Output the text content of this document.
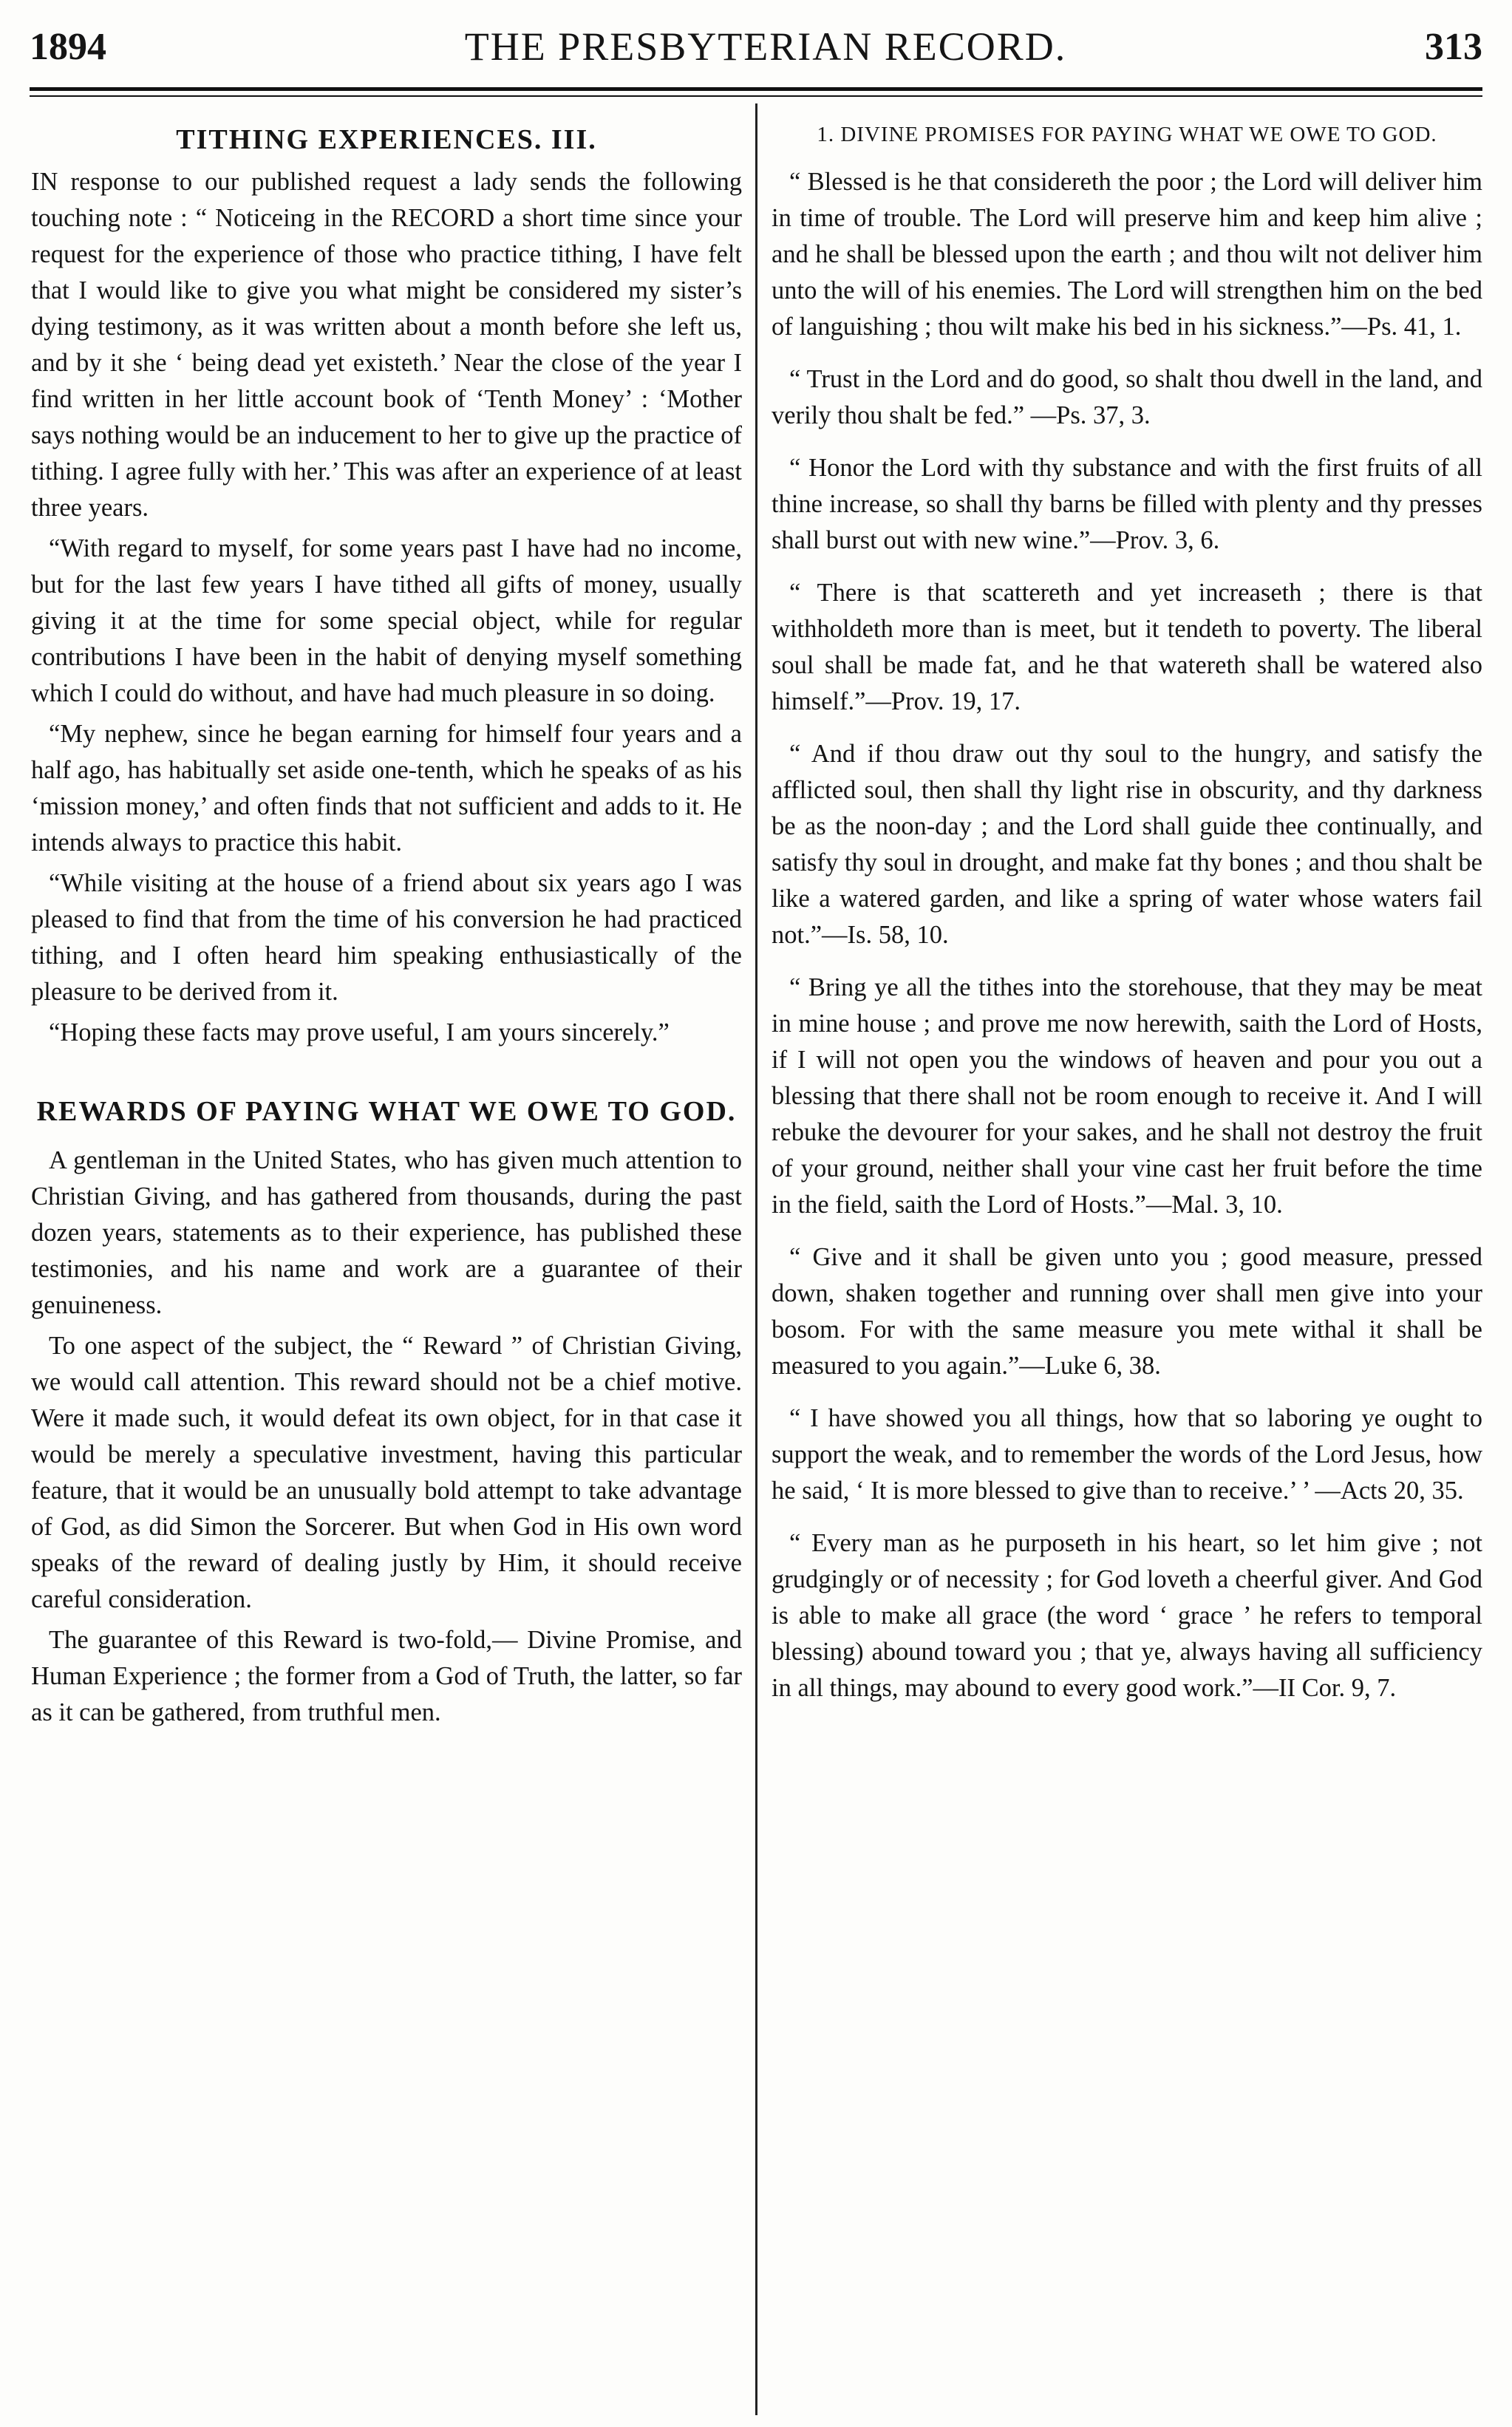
1894	THE PRESBYTERIAN RECORD.	313
TITHING EXPERIENCES. III.

IN response to our published request a lady sends the following touching note : “ Noticeing in the RECORD a short time since your request for the experience of those who practice tithing, I have felt that I would like to give you what might be considered my sister’s dying testimony, as it was written about a month before she left us, and by it she ‘ being dead yet existeth.’ Near the close of the year I find written in her little account book of ‘Tenth Money’ : ‘Mother says nothing would be an inducement to her to give up the practice of tithing. I agree fully with her.’ This was after an experience of at least three years.

“With regard to myself, for some years past I have had no income, but for the last few years I have tithed all gifts of money, usually giving it at the time for some special object, while for regular contributions I have been in the habit of denying myself something which I could do without, and have had much pleasure in so doing.

“My nephew, since he began earning for himself four years and a half ago, has habitually set aside one-tenth, which he speaks of as his ‘mission money,’ and often finds that not sufficient and adds to it. He intends always to practice this habit.

“While visiting at the house of a friend about six years ago I was pleased to find that from the time of his conversion he had practiced tithing, and I often heard him speaking enthusiastically of the pleasure to be derived from it.

“Hoping these facts may prove useful, I am yours sincerely.”

REWARDS OF PAYING WHAT WE OWE TO GOD.

A gentleman in the United States, who has given much attention to Christian Giving, and has gathered from thousands, during the past dozen years, statements as to their experience, has published these testimonies, and his name and work are a guarantee of their genuineness.

To one aspect of the subject, the “ Reward ” of Christian Giving, we would call attention. This reward should not be a chief motive. Were it made such, it would defeat its own object, for in that case it would be merely a speculative investment, having this particular feature, that it would be an unusually bold attempt to take advantage of God, as did Simon the Sorcerer. But when God in His own word speaks of the reward of dealing justly by Him, it should receive careful consideration.

The guarantee of this Reward is two-fold,— Divine Promise, and Human Experience ; the former from a God of Truth, the latter, so far as it can be gathered, from truthful men.

1. DIVINE PROMISES FOR PAYING WHAT WE OWE TO GOD.

“ Blessed is he that considereth the poor ; the Lord will deliver him in time of trouble. The Lord will preserve him and keep him alive ; and he shall be blessed upon the earth ; and thou wilt not deliver him unto the will of his enemies. The Lord will strengthen him on the bed of languishing ; thou wilt make his bed in his sickness.”—Ps. 41, 1.

“ Trust in the Lord and do good, so shalt thou dwell in the land, and verily thou shalt be fed.” —Ps. 37, 3.

“ Honor the Lord with thy substance and with the first fruits of all thine increase, so shall thy barns be filled with plenty and thy presses shall burst out with new wine.”—Prov. 3, 6.

“ There is that scattereth and yet increaseth ; there is that withholdeth more than is meet, but it tendeth to poverty. The liberal soul shall be made fat, and he that watereth shall be watered also himself.”—Prov. 19, 17.

“ And if thou draw out thy soul to the hungry, and satisfy the afflicted soul, then shall thy light rise in obscurity, and thy darkness be as the noon-day ; and the Lord shall guide thee continually, and satisfy thy soul in drought, and make fat thy bones ; and thou shalt be like a watered garden, and like a spring of water whose waters fail not.”—Is. 58, 10.

“ Bring ye all the tithes into the storehouse, that they may be meat in mine house ; and prove me now herewith, saith the Lord of Hosts, if I will not open you the windows of heaven and pour you out a blessing that there shall not be room enough to receive it. And I will rebuke the devourer for your sakes, and he shall not destroy the fruit of your ground, neither shall your vine cast her fruit before the time in the field, saith the Lord of Hosts.”—Mal. 3, 10.

“ Give and it shall be given unto you ; good measure, pressed down, shaken together and running over shall men give into your bosom. For with the same measure you mete withal it shall be measured to you again.”—Luke 6, 38.

“ I have showed you all things, how that so laboring ye ought to support the weak, and to remember the words of the Lord Jesus, how he said, ‘ It is more blessed to give than to receive.’ ’ —Acts 20, 35.

“ Every man as he purposeth in his heart, so let him give ; not grudgingly or of necessity ; for God loveth a cheerful giver. And God is able to make all grace (the word ‘ grace ’ he refers to temporal blessing) abound toward you ; that ye, always having all sufficiency in all things, may abound to every good work.”—II Cor. 9, 7.
